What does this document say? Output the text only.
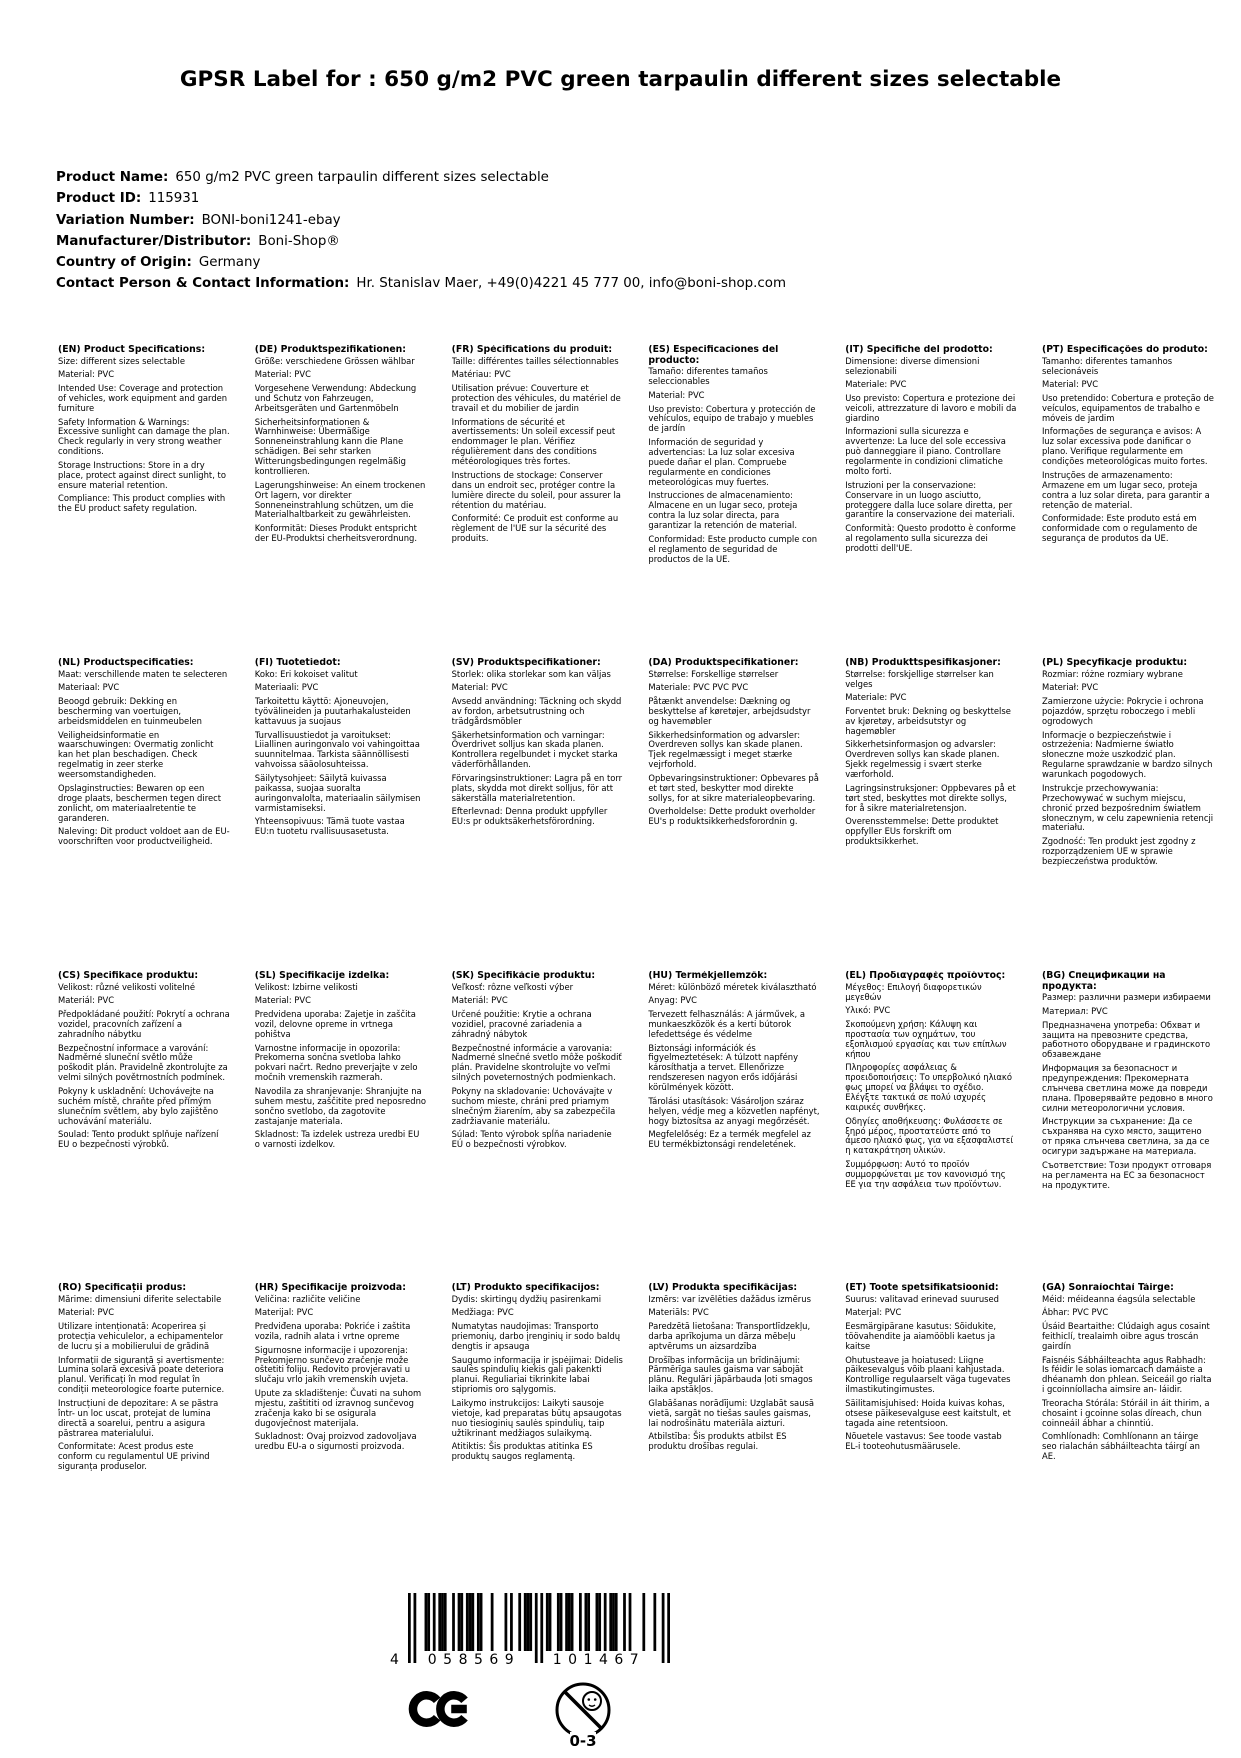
GPSR Label for : 650 g/m2 PVC green tarpaulin different sizes selectable
Product Name: 650 g/m2 PVC green tarpaulin different sizes selectable
Product ID: 115931
Variation Number: BONI-boni1241-ebay
Manufacturer/Distributor: Boni-Shop®
Country of Origin: Germany
Contact Person & Contact Information: Hr. Stanislav Maer, +49(0)4221 45 777 00, info@boni-shop.com
(EN) Product Specifications:

Size: different sizes selectable

Material: PVC

Intended Use: Coverage and protection of vehicles, work equipment and garden furniture

Safety Information & Warnings: Excessive sunlight can damage the plan. Check regularly in very strong weather conditions.

Storage Instructions: Store in a dry place, protect against direct sunlight, to ensure material retention.

Compliance: This product complies with the EU product safety regulation.

(DE) Produktspezifikationen:

Größe: verschiedene Grössen wählbar

Material: PVC

Vorgesehene Verwendung: Abdeckung und Schutz von Fahrzeugen, Arbeitsgeräten und Gartenmöbeln

Sicherheitsinformationen & Warnhinweise: Übermäßige Sonneneinstrahlung kann die Plane schädigen. Bei sehr starken Witterungsbedingungen regelmäßig kontrollieren.

Lagerungshinweise: An einem trockenen Ort lagern, vor direkter Sonneneinstrahlung schützen, um die Materialhaltbarkeit zu gewährleisten.

Konformität: Dieses Produkt entspricht der EU-Produktsi cherheitsverordnung.

(FR) Spécifications du produit:

Taille: différentes tailles sélectionnables

Matériau: PVC

Utilisation prévue: Couverture et protection des véhicules, du matériel de travail et du mobilier de jardin

Informations de sécurité et avertissements: Un soleil excessif peut endommager le plan. Vérifiez régulièrement dans des conditions météorologiques très fortes.

Instructions de stockage: Conserver dans un endroit sec, protéger contre la lumière directe du soleil, pour assurer la rétention du matériau.

Conformité: Ce produit est conforme au règlement de l'UE sur la sécurité des produits.

(ES) Especificaciones del producto:

Tamaño: diferentes tamaños seleccionables

Material: PVC

Uso previsto: Cobertura y protección de vehículos, equipo de trabajo y muebles de jardín

Información de seguridad y advertencias: La luz solar excesiva puede dañar el plan. Compruebe regularmente en condiciones meteorológicas muy fuertes.

Instrucciones de almacenamiento: Almacene en un lugar seco, proteja contra la luz solar directa, para garantizar la retención de material.

Conformidad: Este producto cumple con el reglamento de seguridad de productos de la UE.

(IT) Specifiche del prodotto:

Dimensione: diverse dimensioni selezionabili

Materiale: PVC

Uso previsto: Copertura e protezione dei veicoli, attrezzature di lavoro e mobili da giardino

Informazioni sulla sicurezza e avvertenze: La luce del sole eccessiva può danneggiare il piano. Controllare regolarmente in condizioni climatiche molto forti.

Istruzioni per la conservazione: Conservare in un luogo asciutto, proteggere dalla luce solare diretta, per garantire la conservazione dei materiali.

Conformità: Questo prodotto è conforme al regolamento sulla sicurezza dei prodotti dell'UE.

(PT) Especificações do produto:

Tamanho: diferentes tamanhos selecionáveis

Material: PVC

Uso pretendido: Cobertura e proteção de veículos, equipamentos de trabalho e móveis de jardim

Informações de segurança e avisos: A luz solar excessiva pode danificar o plano. Verifique regularmente em condições meteorológicas muito fortes.

Instruções de armazenamento: Armazene em um lugar seco, proteja contra a luz solar direta, para garantir a retenção de material.

Conformidade: Este produto está em conformidade com o regulamento de segurança de produtos da UE.

(NL) Productspecificaties:

Maat: verschillende maten te selecteren

Materiaal: PVC

Beoogd gebruik: Dekking en bescherming van voertuigen, arbeidsmiddelen en tuinmeubelen

Veiligheidsinformatie en waarschuwingen: Overmatig zonlicht kan het plan beschadigen. Check regelmatig in zeer sterke weersomstandigheden.

Opslaginstructies: Bewaren op een droge plaats, beschermen tegen direct zonlicht, om materiaalretentie te garanderen.

Naleving: Dit product voldoet aan de EU-voorschriften voor productveiligheid.

(FI) Tuotetiedot:

Koko: Eri kokoiset valitut

Materiaali: PVC

Tarkoitettu käyttö: Ajoneuvojen, työvälineiden ja puutarhakalusteiden kattavuus ja suojaus

Turvallisuustiedot ja varoitukset: Liiallinen auringonvalo voi vahingoittaa suunnitelmaa. Tarkista säännöllisesti vahvoissa sääolosuhteissa.

Säilytysohjeet: Säilytä kuivassa paikassa, suojaa suoralta auringonvalolta, materiaalin säilymisen varmistamiseksi.

Yhteensopivuus: Tämä tuote vastaa EU:n tuotetu rvallisuusasetusta.

(SV) Produktspecifikationer:

Storlek: olika storlekar som kan väljas

Material: PVC

Avsedd användning: Täckning och skydd av fordon, arbetsutrustning och trädgårdsmöbler

Säkerhetsinformation och varningar: Överdrivet solljus kan skada planen. Kontrollera regelbundet i mycket starka väderförhållanden.

Förvaringsinstruktioner: Lagra på en torr plats, skydda mot direkt solljus, för att säkerställa materialretention.

Efterlevnad: Denna produkt uppfyller EU:s pr oduktsäkerhetsförordning.

(DA) Produktspecifikationer:

Størrelse: Forskellige størrelser

Materiale: PVC PVC PVC

Påtænkt anvendelse: Dækning og beskyttelse af køretøjer, arbejdsudstyr og havemøbler

Sikkerhedsinformation og advarsler: Overdreven sollys kan skade planen. Tjek regelmæssigt i meget stærke vejrforhold.

Opbevaringsinstruktioner: Opbevares på et tørt sted, beskytter mod direkte sollys, for at sikre materialeopbevaring.

Overholdelse: Dette produkt overholder EU's p roduktsikkerhedsforordnin g.

(NB) Produkttspesifikasjoner:

Størrelse: forskjellige størrelser kan velges

Materiale: PVC

Forventet bruk: Dekning og beskyttelse av kjøretøy, arbeidsutstyr og hagemøbler

Sikkerhetsinformasjon og advarsler: Overdreven sollys kan skade planen. Sjekk regelmessig i svært sterke værforhold.

Lagringsinstruksjoner: Oppbevares på et tørt sted, beskyttes mot direkte sollys, for å sikre materialretensjon.

Overensstemmelse: Dette produktet oppfyller EUs forskrift om produktsikkerhet.

(PL) Specyfikacje produktu:

Rozmiar: różne rozmiary wybrane

Materiał: PVC

Zamierzone użycie: Pokrycie i ochrona pojazdów, sprzętu roboczego i mebli ogrodowych

Informacje o bezpieczeństwie i ostrzeżenia: Nadmierne światło słoneczne może uszkodzić plan. Regularne sprawdzanie w bardzo silnych warunkach pogodowych.

Instrukcje przechowywania: Przechowywać w suchym miejscu, chronić przed bezpośrednim światłem słonecznym, w celu zapewnienia retencji materiału.

Zgodność: Ten produkt jest zgodny z rozporządzeniem UE w sprawie bezpieczeństwa produktów.

(CS) Specifikace produktu:

Velikost: různé velikosti volitelné

Materiál: PVC

Předpokládané použití: Pokrytí a ochrana vozidel, pracovních zařízení a zahradního nábytku

Bezpečnostní informace a varování: Nadměrné sluneční světlo může poškodit plán. Pravidelně zkontrolujte za velmi silných povětrnostních podmínek.

Pokyny k uskladnění: Uchovávejte na suchém místě, chraňte před přímým slunečním světlem, aby bylo zajištěno uchovávání materiálu.

Soulad: Tento produkt splňuje nařízení EU o bezpečnosti výrobků.

(SL) Specifikacije izdelka:

Velikost: Izbirne velikosti

Material: PVC

Predvidena uporaba: Zajetje in zaščita vozil, delovne opreme in vrtnega pohištva

Varnostne informacije in opozorila: Prekomerna sončna svetloba lahko pokvari načrt. Redno preverjajte v zelo močnih vremenskih razmerah.

Navodila za shranjevanje: Shranjujte na suhem mestu, zaščitite pred neposredno sončno svetlobo, da zagotovite zastajanje materiala.

Skladnost: Ta izdelek ustreza uredbi EU o varnosti izdelkov.

(SK) Špecifikácie produktu:

Veľkosť: rôzne veľkosti výber

Materiál: PVC

Určené použitie: Krytie a ochrana vozidiel, pracovné zariadenia a záhradný nábytok

Bezpečnostné informácie a varovania: Nadmerné slnečné svetlo môže poškodiť plán. Pravidelne skontrolujte vo veľmi silných poveternostných podmienkach.

Pokyny na skladovanie: Uchovávajte v suchom mieste, chráni pred priamym slnečným žiarením, aby sa zabezpečila zadržiavanie materiálu.

Súlad: Tento výrobok spĺňa nariadenie EÚ o bezpečnosti výrobkov.

(HU) Termékjellemzők:

Méret: különböző méretek kiválasztható

Anyag: PVC

Tervezett felhasználás: A járművek, a munkaeszközök és a kerti bútorok lefedettsége és védelme

Biztonsági információk és figyelmeztetések: A túlzott napfény károsíthatja a tervet. Ellenőrizze rendszeresen nagyon erős időjárási körülmények között.

Tárolási utasítások: Vásároljon száraz helyen, védje meg a közvetlen napfényt, hogy biztosítsa az anyagi megőrzését.

Megfelelőség: Ez a termék megfelel az EU termékbiztonsági rendeletének.

(EL) Προδιαγραφές προϊόντος:

Μέγεθος: Επιλογή διαφορετικών μεγεθών

Υλικό: PVC

Σκοπούμενη χρήση: Κάλυψη και προστασία των οχημάτων, του εξοπλισμού εργασίας και των επίπλων κήπου

Πληροφορίες ασφάλειας & προειδοποιήσεις: Το υπερβολικό ηλιακό φως μπορεί να βλάψει το σχέδιο. Ελέγξτε τακτικά σε πολύ ισχυρές καιρικές συνθήκες.

Οδηγίες αποθήκευσης: Φυλάσσετε σε ξηρό μέρος, προστατεύστε από το άμεσο ηλιακό φως, για να εξασφαλιστεί η κατακράτηση υλικών.

Συμμόρφωση: Αυτό το προϊόν συμμορφώνεται με τον κανονισμό της ΕΕ για την ασφάλεια των προϊόντων.

(BG) Спецификации на продукта:

Размер: различни размери избираеми

Материал: PVC

Предназначена употреба: Обхват и защита на превозните средства, работното оборудване и градинското обзавеждане

Информация за безопасност и предупреждения: Прекомерната слънчева светлина може да повреди плана. Проверявайте редовно в много силни метеорологични условия.

Инструкции за съхранение: Да се съхранява на сухо място, защитено от пряка слънчева светлина, за да се осигури задържане на материала.

Съответствие: Този продукт отговаря на регламента на ЕС за безопасност на продуктите.

(RO) Specificații produs:

Mărime: dimensiuni diferite selectabile

Material: PVC

Utilizare intenționată: Acoperirea și protecția vehiculelor, a echipamentelor de lucru și a mobilierului de grădină

Informații de siguranță și avertismente: Lumina solară excesivă poate deteriora planul. Verificați în mod regulat în condiții meteorologice foarte puternice.

Instrucțiuni de depozitare: A se păstra într- un loc uscat, protejat de lumina directă a soarelui, pentru a asigura păstrarea materialului.

Conformitate: Acest produs este conform cu regulamentul UE privind siguranța produselor.

(HR) Specifikacije proizvoda:

Veličina: različite veličine

Materijal: PVC

Predviđena uporaba: Pokriće i zaštita vozila, radnih alata i vrtne opreme

Sigurnosne informacije i upozorenja: Prekomjerno sunčevo zračenje može oštetiti foliju. Redovito provjeravati u slučaju vrlo jakih vremenskih uvjeta.

Upute za skladištenje: Čuvati na suhom mjestu, zaštititi od izravnog sunčevog zračenja kako bi se osigurala dugovječnost materijala.

Sukladnost: Ovaj proizvod zadovoljava uredbu EU-a o sigurnosti proizvoda.

(LT) Produkto specifikacijos:

Dydis: skirtingų dydžių pasirenkami

Medžiaga: PVC

Numatytas naudojimas: Transporto priemonių, darbo įrenginių ir sodo baldų dengtis ir apsauga

Saugumo informacija ir įspėjimai: Didelis saulės spindulių kiekis gali pakenkti planui. Reguliariai tikrinkite labai stipriomis oro sąlygomis.

Laikymo instrukcijos: Laikyti sausoje vietoje, kad preparatas būtų apsaugotas nuo tiesioginių saulės spindulių, taip užtikrinant medžiagos sulaikymą.

Atitiktis: Šis produktas atitinka ES produktų saugos reglamentą.

(LV) Produkta specifikācijas:

Izmērs: var izvēlēties dažādus izmērus

Materiāls: PVC

Paredzētā lietošana: Transportlīdzekļu, darba aprīkojuma un dārza mēbeļu aptvērums un aizsardzība

Drošības informācija un brīdinājumi: Pārmērīga saules gaisma var sabojāt plānu. Regulāri jāpārbauda ļoti smagos laika apstākļos.

Glabāšanas norādījumi: Uzglabāt sausā vietā, sargāt no tiešas saules gaismas, lai nodrošinātu materiāla aizturi.

Atbilstība: Šis produkts atbilst ES produktu drošības regulai.

(ET) Toote spetsifikatsioonid:

Suurus: valitavad erinevad suurused

Materjal: PVC

Eesmärgipärane kasutus: Sõidukite, töövahendite ja aiamööbli kaetus ja kaitse

Ohutusteave ja hoiatused: Liigne päikesevalgus võib plaani kahjustada. Kontrollige regulaarselt väga tugevates ilmastikutingimustes.

Säilitamisjuhised: Hoida kuivas kohas, otsese päikesevalguse eest kaitstult, et tagada aine retentsioon.

Nõuetele vastavus: See toode vastab EL-i tooteohutusmäärusele.

(GA) Sonraíochtaí Táirge:

Méid: méideanna éagsúla selectable

Ábhar: PVC PVC

Úsáid Beartaithe: Clúdaigh agus cosaint feithiclí, trealaimh oibre agus troscán gairdín

Faisnéis Sábháilteachta agus Rabhadh: Is féidir le solas iomarcach damáiste a dhéanamh don phlean. Seiceáil go rialta i gcoinníollacha aimsire an- láidir.

Treoracha Stórála: Stóráil in áit thirim, a chosaint i gcoinne solas díreach, chun coinneáil ábhar a chinntiú.

Comhlíonadh: Comhlíonann an táirge seo rialachán sábháilteachta táirgí an AE.

4	058569	101467
0-3
